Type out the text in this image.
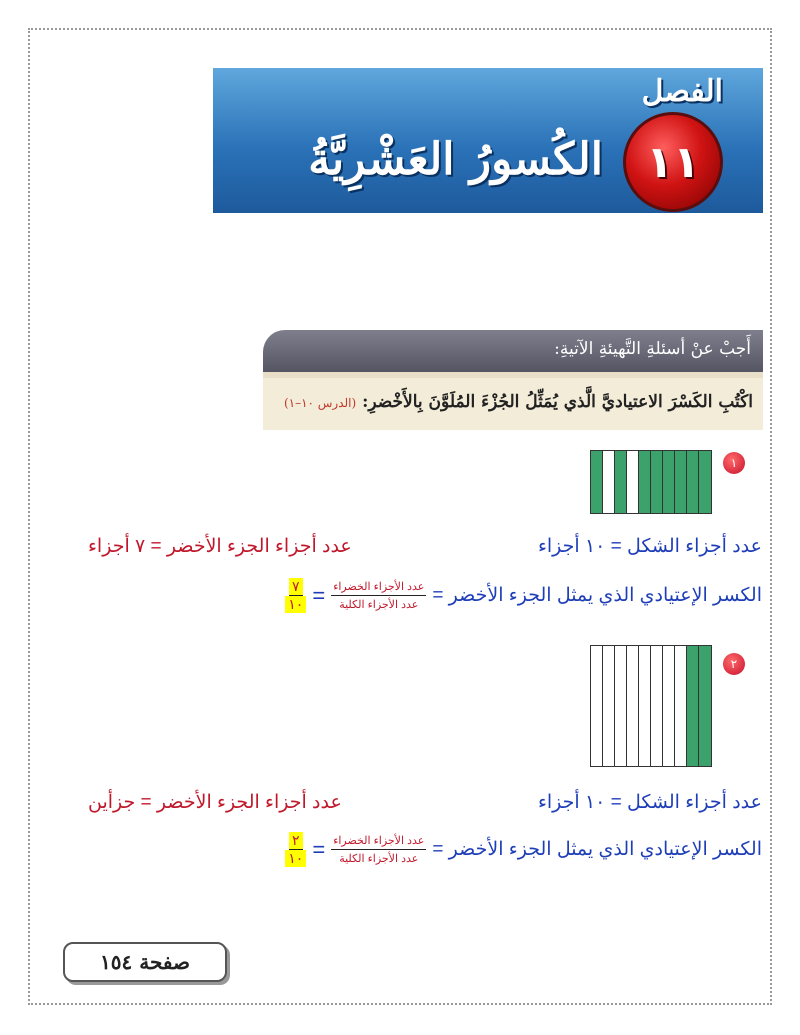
الفصل
١١
الكُسورُ العَشْرِيَّةُ
أَجبْ عنْ أسئلةِ التَّهيئةِ الآتيةِ:
اكْتُبِ الكَسْرَ الاعتياديَّ الَّذي يُمَثِّلُ الجُزْءَ المُلَوَّنَ بِالأَخْضرِ: (الدرس ١٠–١)
١
عدد أجزاء الشكل = ١٠ أجزاء
عدد أجزاء الجزء الأخضر = ٧ أجزاء
الكسر الإعتيادي الذي يمثل الجزء الأخضر =
$\frac{\text{عدد الأجزاء الخضراء}}{\text{عدد الأجزاء الكلية}}$
=
$\frac{٧}{١٠}$
٢
عدد أجزاء الشكل = ١٠ أجزاء
عدد أجزاء الجزء الأخضر = جزأين
الكسر الإعتيادي الذي يمثل الجزء الأخضر =
$\frac{\text{عدد الأجزاء الخضراء}}{\text{عدد الأجزاء الكلية}}$
=
$\frac{٢}{١٠}$
صفحة ١٥٤
